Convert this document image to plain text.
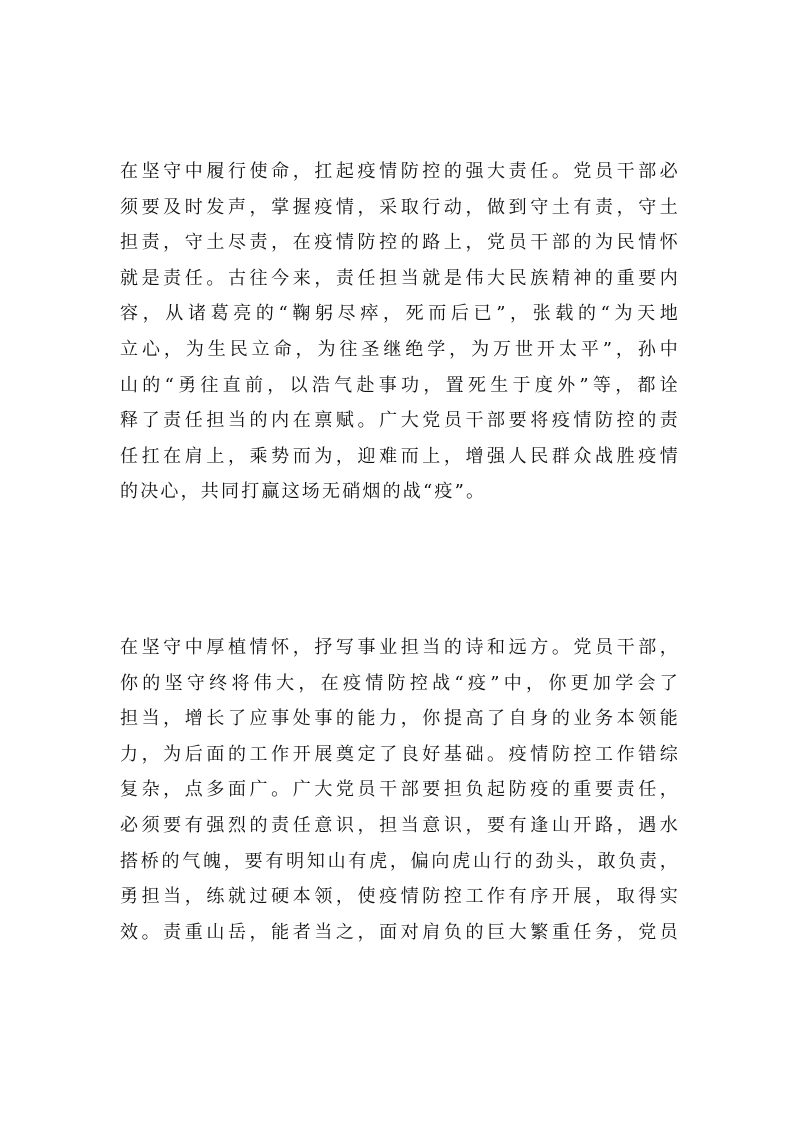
在坚守中履行使命，扛起疫情防控的强大责任。党员干部必
须要及时发声，掌握疫情，采取行动，做到守土有责，守土
担责，守土尽责，在疫情防控的路上，党员干部的为民情怀
就是责任。古往今来，责任担当就是伟大民族精神的重要内
容，从诸葛亮的“鞠躬尽瘁，死而后已”，张载的“为天地
立心，为生民立命，为往圣继绝学，为万世开太平”，孙中
山的“勇往直前，以浩气赴事功，置死生于度外”等，都诠
释了责任担当的内在禀赋。广大党员干部要将疫情防控的责
任扛在肩上，乘势而为，迎难而上，增强人民群众战胜疫情
的决心，共同打赢这场无硝烟的战“疫”。
在坚守中厚植情怀，抒写事业担当的诗和远方。党员干部，
你的坚守终将伟大，在疫情防控战“疫”中，你更加学会了
担当，增长了应事处事的能力，你提高了自身的业务本领能
力，为后面的工作开展奠定了良好基础。疫情防控工作错综
复杂，点多面广。广大党员干部要担负起防疫的重要责任，
必须要有强烈的责任意识，担当意识，要有逢山开路，遇水
搭桥的气魄，要有明知山有虎，偏向虎山行的劲头，敢负责，
勇担当，练就过硬本领，使疫情防控工作有序开展，取得实
效。责重山岳，能者当之，面对肩负的巨大繁重任务，党员
